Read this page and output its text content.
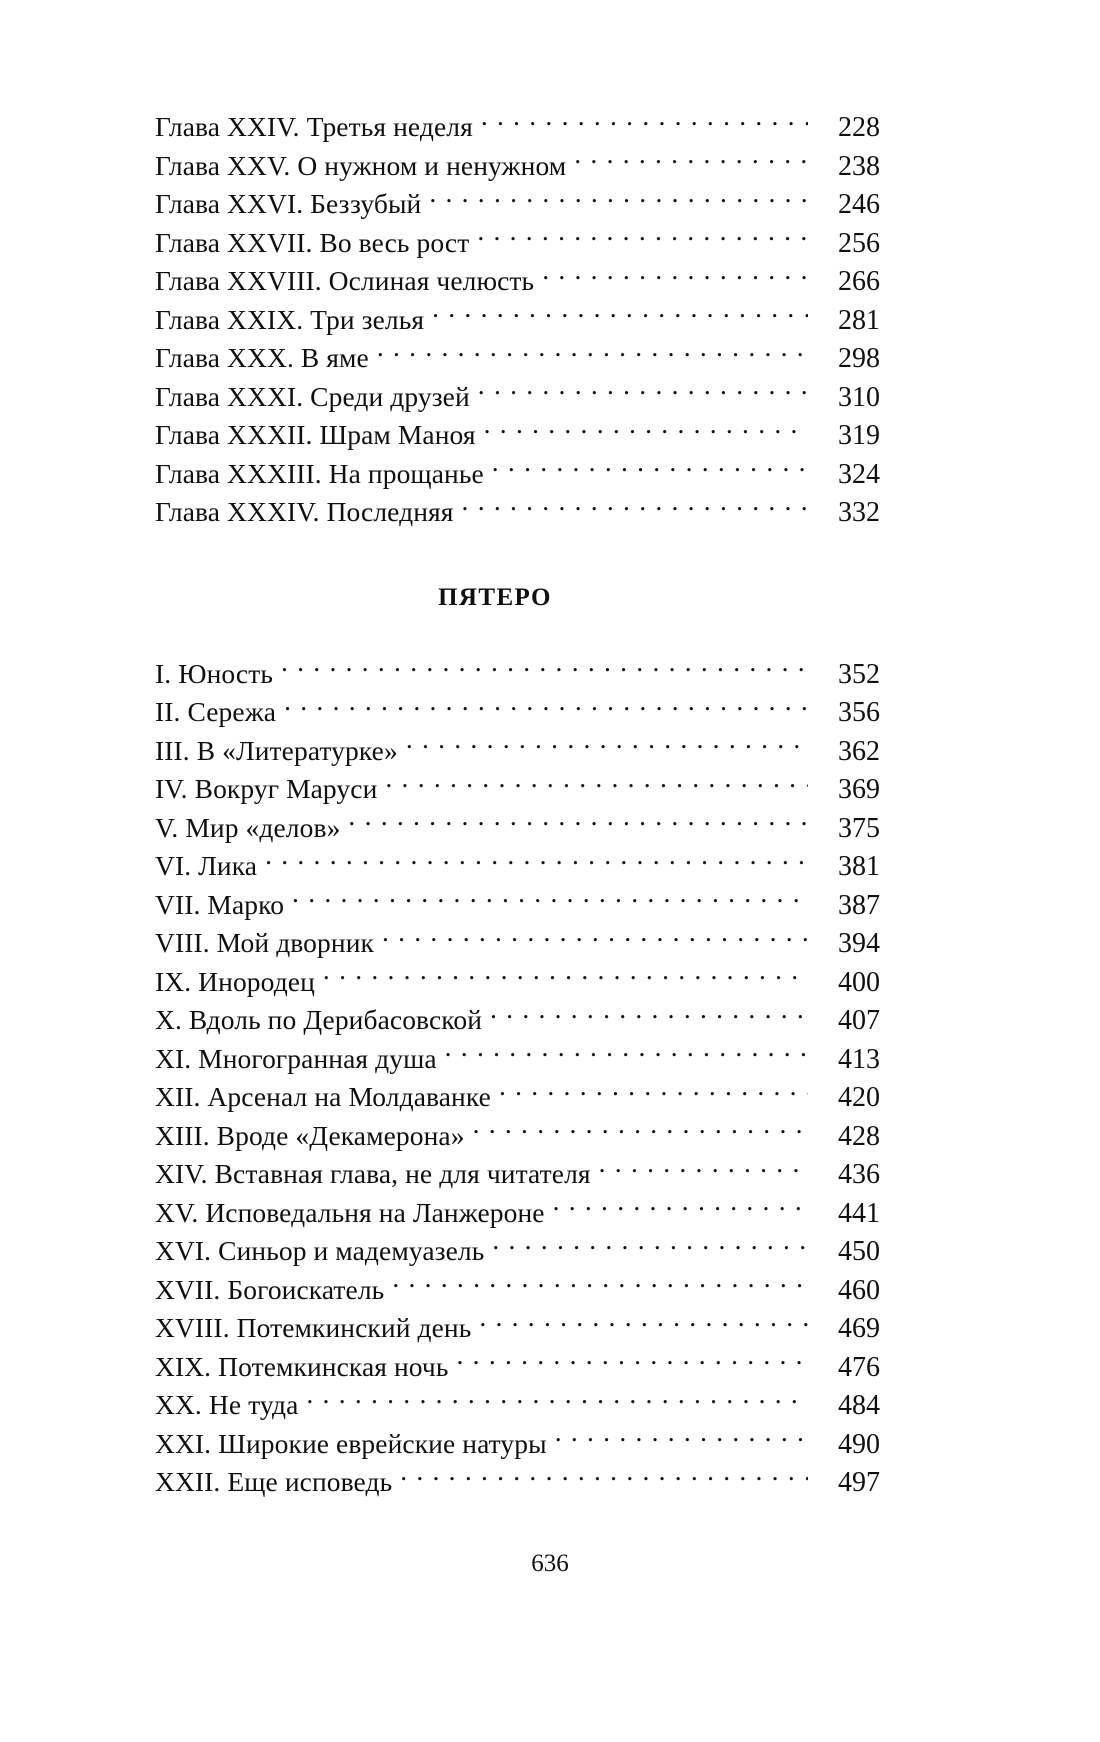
Глава XXIV. Третья неделя . . .	228
Глава XXV. О нужном и ненужном . . .	238
Глава XXVI. Беззубый . . .	246
Глава XXVII. Во весь рост . . .	256
Глава XXVIII. Ослиная челюсть . . .	266
Глава XXIX. Три зелья . . .	281
Глава XXX. В яме . . .	298
Глава XXXI. Среди друзей . . .	310
Глава XXXII. Шрам Маноя . . .	319
Глава XXXIII. На прощанье . . .	324
Глава XXXIV. Последняя . . .	332
ПЯТЕРО
I. Юность . . .	352
II. Сережа . . .	356
III. В «Литературке» . . .	362
IV. Вокруг Маруси . . .	369
V. Мир «делов» . . .	375
VI. Лика . . .	381
VII. Марко . . .	387
VIII. Мой дворник . . .	394
IX. Инородец . . .	400
X. Вдоль по Дерибасовской . . .	407
XI. Многогранная душа . . .	413
XII. Арсенал на Молдаванке . . .	420
XIII. Вроде «Декамерона» . . .	428
XIV. Вставная глава, не для читателя . . .	436
XV. Исповедальня на Ланжероне . . .	441
XVI. Синьор и мадемуазель . . .	450
XVII. Богоискатель . . .	460
XVIII. Потемкинский день . . .	469
XIX. Потемкинская ночь . . .	476
XX. Не туда . . .	484
XXI. Широкие еврейские натуры . . .	490
XXII. Еще исповедь . . .	497
636
